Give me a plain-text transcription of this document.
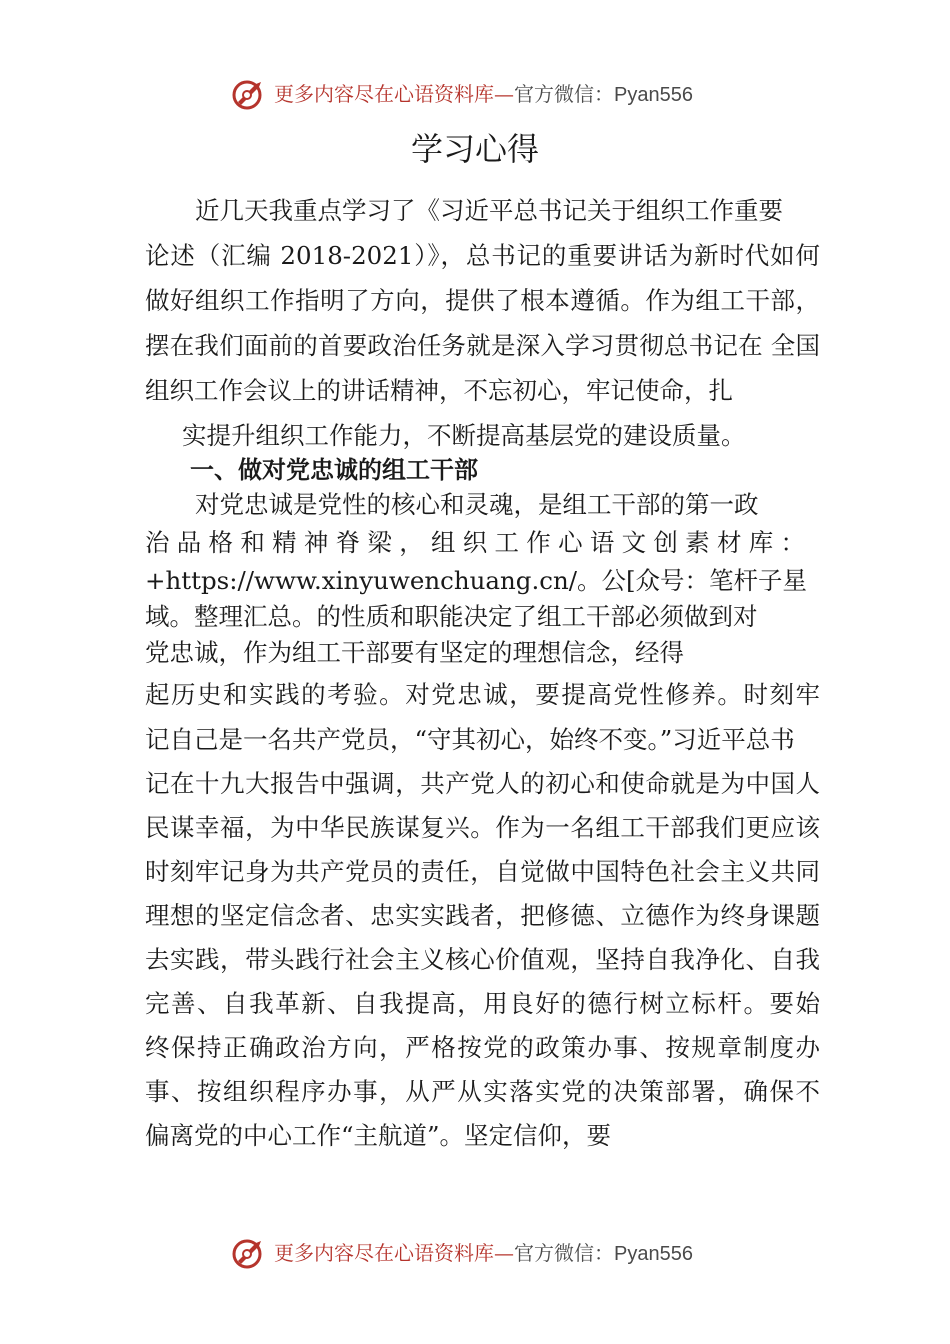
更多内容尽在心语资料库—官方微信：Pyan556
学习心得
近几天我重点学习了《习近平总书记关于组织工作重要
论述（汇编 2018-2021）》，总书记的重要讲话为新时代如何
做好组织工作指明了方向，提供了根本遵循。作为组工干部，
摆在我们面前的首要政治任务就是深入学习贯彻总书记在 全国
组织工作会议上的讲话精神，不忘初心，牢记使命，扎
实提升组织工作能力，不断提高基层党的建设质量。
一、做对党忠诚的组工干部
对党忠诚是党性的核心和灵魂，是组工干部的第一政
治品格和精神脊梁，组织工作心语文创素材库：
+https://www.xinyuwenchuang.cn/。公[众号：笔杆子星
域。整理汇总。的性质和职能决定了组工干部必须做到对
党忠诚，作为组工干部要有坚定的理想信念，经得
起历史和实践的考验。对党忠诚，要提高党性修养。时刻牢
记自己是一名共产党员，“守其初心，始终不变。”习近平总书
记在十九大报告中强调，共产党人的初心和使命就是为中国人
民谋幸福，为中华民族谋复兴。作为一名组工干部我们更应该
时刻牢记身为共产党员的责任，自觉做中国特色社会主义共同
理想的坚定信念者、忠实实践者，把修德、立德作为终身课题
去实践，带头践行社会主义核心价值观，坚持自我净化、自我
完善、自我革新、自我提高，用良好的德行树立标杆。要始
终保持正确政治方向，严格按党的政策办事、按规章制度办
事、按组织程序办事，从严从实落实党的决策部署，确保不
偏离党的中心工作“主航道”。坚定信仰，要
更多内容尽在心语资料库—官方微信：Pyan556
